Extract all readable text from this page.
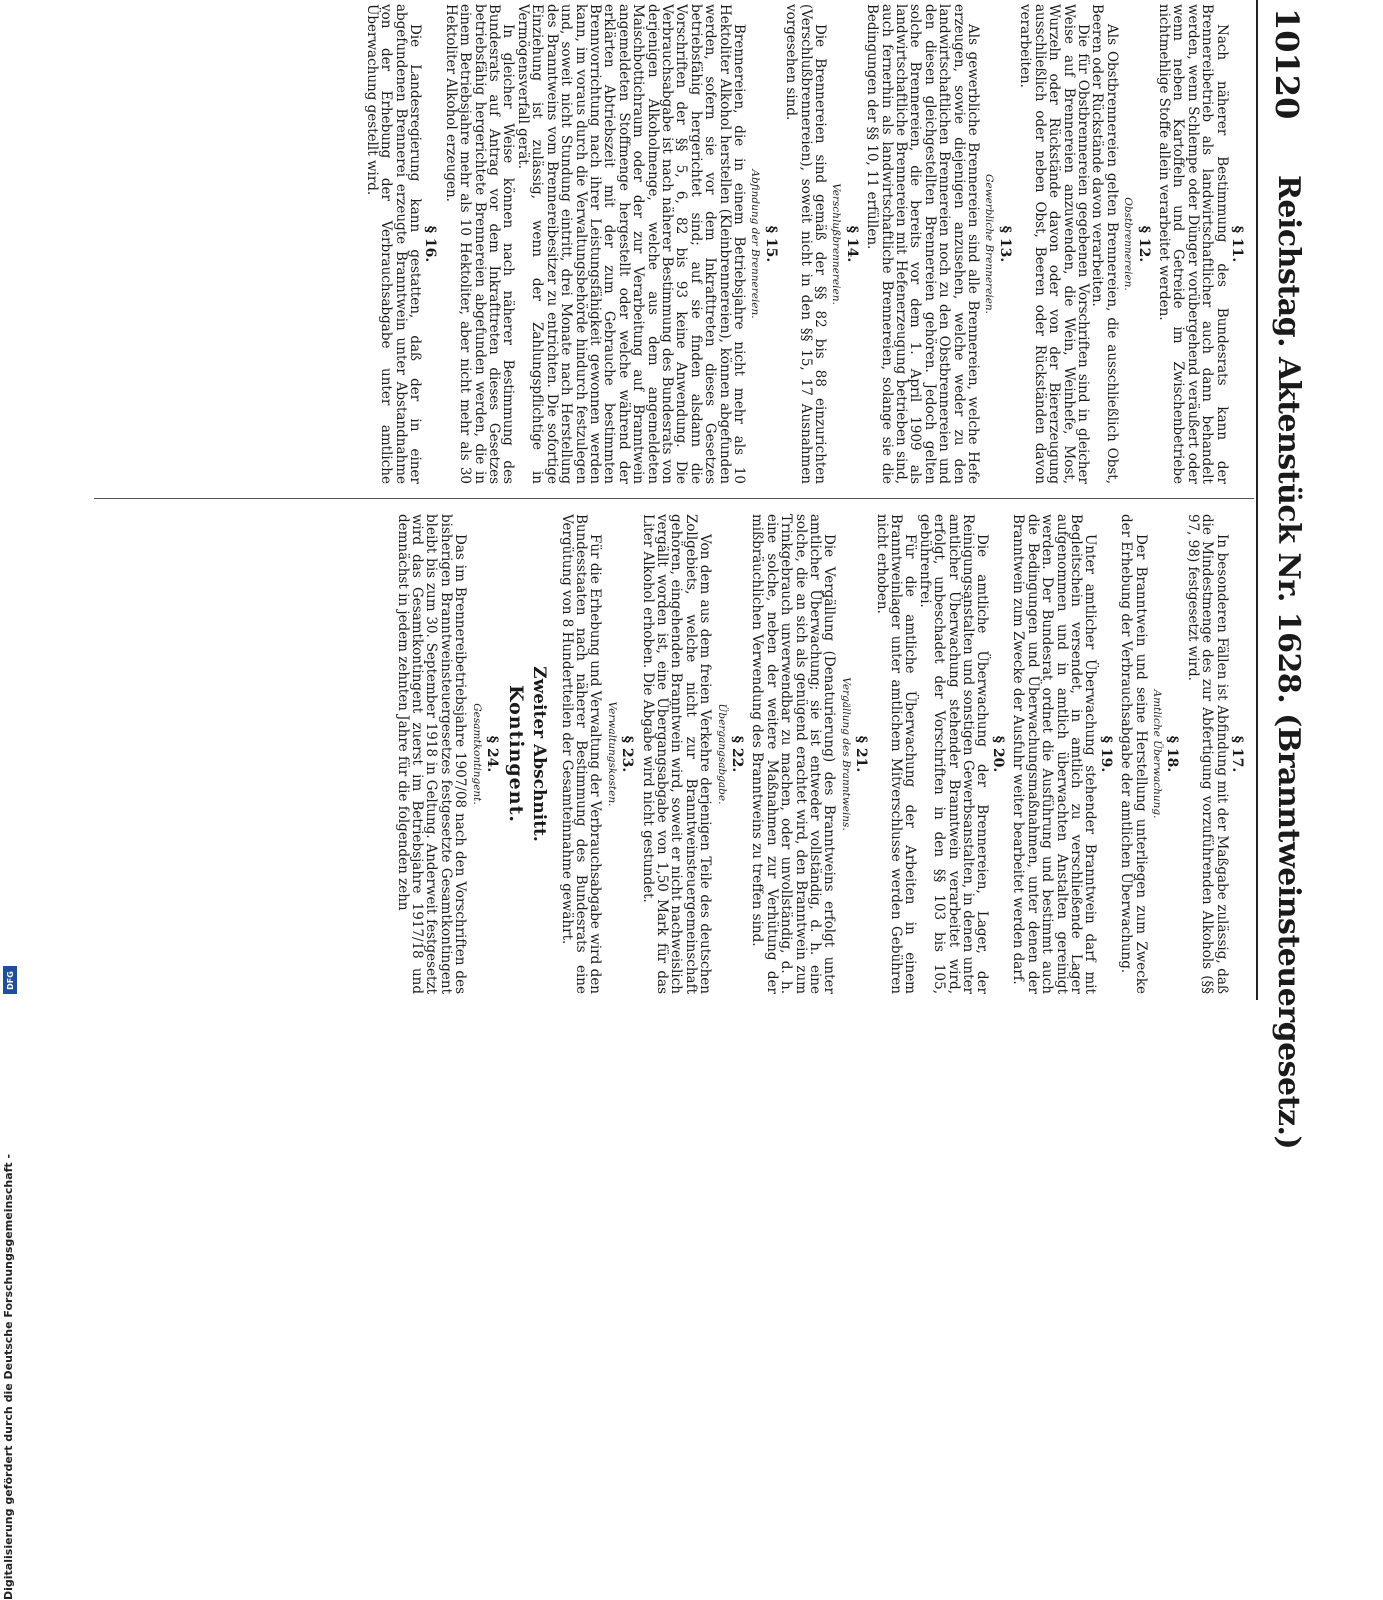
10120
Reichstag. Aktenstück Nr. 1628. (Branntweinsteuergesetz.)
§ 11.

Nach näherer Bestimmung des Bundesrats kann der Brennereibetrieb als landwirtschaftlicher auch dann behandelt werden, wenn Schlempe oder Dünger vorübergehend veräußert oder wenn neben Kartoffeln und Getreide im Zwischenbetriebe nichtmehlige Stoffe allein verarbeitet werden.

§ 12.
Obstbrennereien.

Als Obstbrennereien gelten Brennereien, die ausschließlich Obst, Beeren oder Rückstände davon verarbeiten.

Die für Obstbrennereien gegebenen Vorschriften sind in gleicher Weise auf Brennereien anzuwenden, die Wein, Weinhefe, Most, Wurzeln oder Rückstände davon oder von der Biererzeugung ausschließlich oder neben Obst, Beeren oder Rückständen davon verarbeiten.

§ 13.
Gewerbliche Brennereien.

Als gewerbliche Brennereien sind alle Brennereien, welche Hefe erzeugen, sowie diejenigen anzusehen, welche weder zu den landwirtschaftlichen Brennereien noch zu den Obstbrennereien und den diesen gleichgestellten Brennereien gehören. Jedoch gelten solche Brennereien, die bereits vor dem 1. April 1909 als landwirtschaftliche Brennereien mit Hefenerzeugung betrieben sind, auch fernerhin als landwirtschaftliche Brennereien, solange sie die Bedingungen der §§ 10, 11 erfüllen.

§ 14.
Verschlußbrennereien.

Die Brennereien sind gemäß der §§ 82 bis 88 einzurichten (Verschlußbrennereien), soweit nicht in den §§ 15, 17 Ausnahmen vorgesehen sind.

§ 15.
Abfindung der Brennereien.

Brennereien, die in einem Betriebsjahre nicht mehr als 10 Hektoliter Alkohol herstellen (Kleinbrennereien), können abgefunden werden, sofern sie vor dem Inkrafttreten dieses Gesetzes betriebsfähig hergerichtet sind; auf sie finden alsdann die Vorschriften der §§ 5, 6, 82 bis 93 keine Anwendung. Die Verbrauchsabgabe ist nach näherer Bestimmung des Bundesrats von derjenigen Alkoholmenge, welche aus dem angemeldeten Maischbottichraum oder der zur Verarbeitung auf Branntwein angemeldeten Stoffmenge hergestellt oder welche während der erklärten Abtriebszeit mit der zum Gebrauche bestimmten Brennvorrichtung nach ihrer Leistungsfähigkeit gewonnen werden kann, im voraus durch die Verwaltungsbehörde hindurch festzulegen und, soweit nicht Stundung eintritt, drei Monate nach Herstellung des Branntweins vom Brennereibesitzer zu entrichten. Die sofortige Einziehung ist zulässig, wenn der Zahlungspflichtige in Vermögensverfall gerät.

In gleicher Weise können nach näherer Bestimmung des Bundesrats auf Antrag vor dem Inkrafttreten dieses Gesetzes betriebsfähig hergerichtete Brennereien abgefunden werden, die in einem Betriebsjahre mehr als 10 Hektoliter, aber nicht mehr als 30 Hektoliter Alkohol erzeugen.

§ 16.

Die Landesregierung kann gestatten, daß der in einer abgefundenen Brennerei erzeugte Branntwein unter Abstandnahme von der Erhebung der Verbrauchsabgabe unter amtliche Überwachung gestellt wird.

§ 17.

In besonderen Fällen ist Abfindung mit der Maßgabe zulässig, daß die Mindestmenge des zur Abfertigung vorzuführenden Alkohols (§§ 97, 98) festgesetzt wird.

§ 18.
Amtliche Überwachung.

Der Branntwein und seine Herstellung unterliegen zum Zwecke der Erhebung der Verbrauchsabgabe der amtlichen Überwachung.

§ 19.

Unter amtlicher Überwachung stehender Branntwein darf mit Begleitschein versendet, in amtlich zu verschließende Lager aufgenommen und in amtlich überwachten Anstalten gereinigt werden. Der Bundesrat ordnet die Ausführung und bestimmt auch die Bedingungen und Überwachungsmaßnahmen, unter denen der Branntwein zum Zwecke der Ausfuhr weiter bearbeitet werden darf.

§ 20.

Die amtliche Überwachung der Brennereien, Lager, der Reinigungsanstalten und sonstigen Gewerbsanstalten, in denen unter amtlicher Überwachung stehender Branntwein verarbeitet wird, erfolgt, unbeschadet der Vorschriften in den §§ 103 bis 105, gebührenfrei.

Für die amtliche Überwachung der Arbeiten in einem Branntweinlager unter amtlichem Mitverschlusse werden Gebühren nicht erhoben.

§ 21.
Vergällung des Branntweins.

Die Vergällung (Denaturierung) des Branntweins erfolgt unter amtlicher Überwachung; sie ist entweder vollständig, d. h. eine solche, die an sich als genügend erachtet wird, den Branntwein zum Trinkgebrauch unverwendbar zu machen, oder unvollständig, d. h. eine solche, neben der weitere Maßnahmen zur Verhütung der mißbräuchlichen Verwendung des Branntweins zu treffen sind.

§ 22.
Übergangsabgabe.

Von dem aus dem freien Verkehre derjenigen Teile des deutschen Zollgebiets, welche nicht zur Branntweinsteuergemeinschaft gehören, eingehenden Branntwein wird, soweit er nicht nachweislich vergällt worden ist, eine Übergangsabgabe von 1,50 Mark für das Liter Alkohol erhoben. Die Abgabe wird nicht gestundet.

§ 23.
Verwaltungskosten.

Für die Erhebung und Verwaltung der Verbrauchsabgabe wird den Bundesstaaten nach näherer Bestimmung des Bundesrats eine Vergütung von 8 Hundertteilen der Gesamteinnahme gewährt.

Zweiter Abschnitt.
Kontingent.
§ 24.
Gesamtkontingent.

Das im Brennereibetriebsjahre 1907/08 nach den Vorschriften des bisherigen Branntweinsteuergesetzes festgesetzte Gesamtkontingent bleibt bis zum 30. September 1918 in Geltung. Anderweit festgesetzt wird das Gesamtkontingent zuerst im Betriebsjahre 1917/18 und demnächst in jedem zehnten Jahre für die folgenden zehn

Digitalisierung gefördert durch die Deutsche Forschungsgemeinschaft -
DFG
